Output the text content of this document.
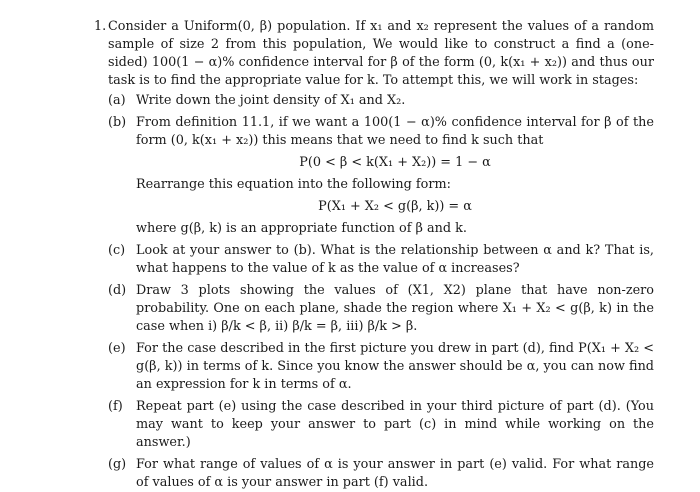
1. Consider a Uniform(0, β) population. If x₁ and x₂ represent the values of a random sample of size 2 from this population, We would like to construct a find a (one-sided) 100(1 − α)% confidence interval for β of the form (0, k(x₁ + x₂)) and thus our task is to find the appropriate value for k. To attempt this, we will work in stages:

(a) Write down the joint density of X₁ and X₂.
(b) From definition 11.1, if we want a 100(1 − α)% confidence interval for β of the form (0, k(x₁ + x₂)) this means that we need to find k such that
P(0 < β < k(X₁ + X₂)) = 1 − α
Rearrange this equation into the following form:
P(X₁ + X₂ < g(β, k)) = α
where g(β, k) is an appropriate function of β and k.
(c) Look at your answer to (b). What is the relationship between α and k? That is, what happens to the value of k as the value of α increases?
(d) Draw 3 plots showing the values of (X1, X2) plane that have non-zero probability. One on each plane, shade the region where X₁ + X₂ < g(β, k) in the case when i) β/k < β, ii) β/k = β, iii) β/k > β.
(e) For the case described in the first picture you drew in part (d), find P(X₁ + X₂ < g(β, k)) in terms of k. Since you know the answer should be α, you can now find an expression for k in terms of α.
(f) Repeat part (e) using the case described in your third picture of part (d). (You may want to keep your answer to part (c) in mind while working on the answer.)
(g) For what range of values of α is your answer in part (e) valid. For what range of values of α is your answer in part (f) valid.
